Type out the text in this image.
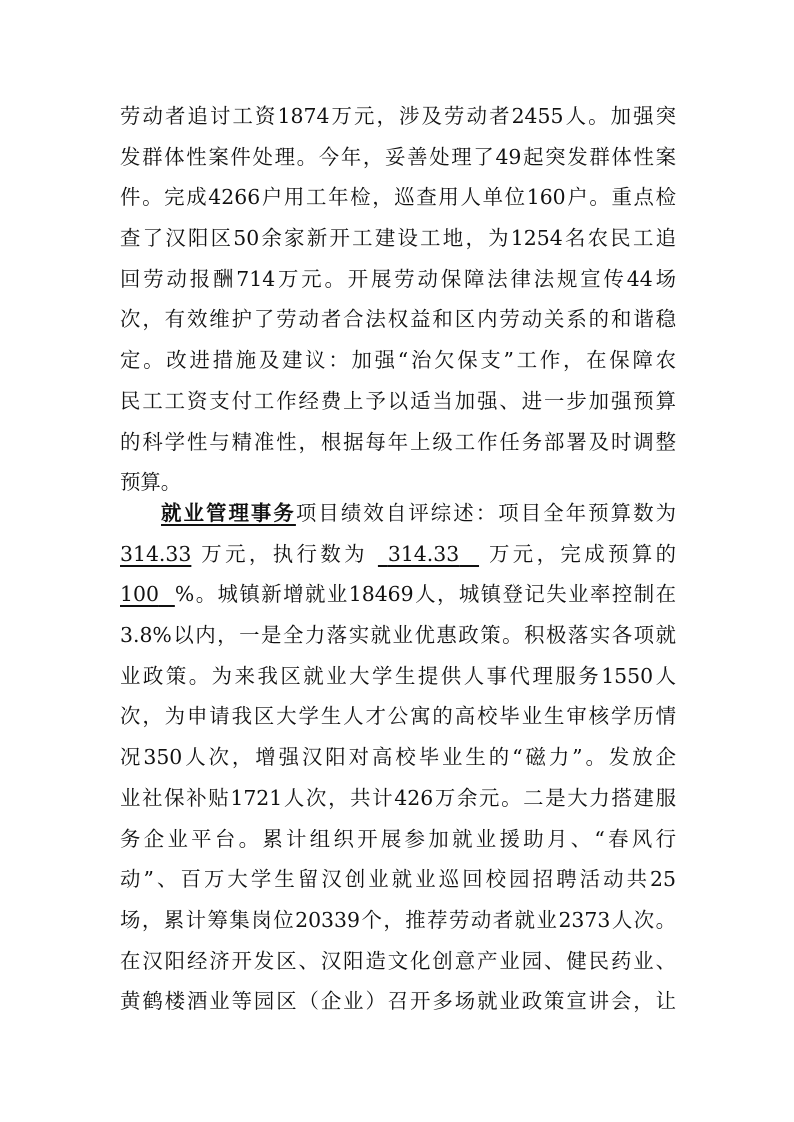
劳动者追讨工资1874万元，涉及劳动者2455人。加强突
发群体性案件处理。今年，妥善处理了49起突发群体性案
件。完成4266户用工年检，巡查用人单位160户。重点检
查了汉阳区50余家新开工建设工地，为1254名农民工追
回劳动报酬714万元。开展劳动保障法律法规宣传44场
次，有效维护了劳动者合法权益和区内劳动关系的和谐稳
定。改进措施及建议：加强“治欠保支”工作，在保障农
民工工资支付工作经费上予以适当加强、进一步加强预算
的科学性与精准性，根据每年上级工作任务部署及时调整
预算。
就业管理事务项目绩效自评综述：项目全年预算数为
314.33 万元，执行数为 314.33 万元，完成预算的
100 %。城镇新增就业18469人，城镇登记失业率控制在
3.8%以内，一是全力落实就业优惠政策。积极落实各项就
业政策。为来我区就业大学生提供人事代理服务1550人
次，为申请我区大学生人才公寓的高校毕业生审核学历情
况350人次，增强汉阳对高校毕业生的“磁力”。发放企
业社保补贴1721人次，共计426万余元。二是大力搭建服
务企业平台。累计组织开展参加就业援助月、“春风行
动”、百万大学生留汉创业就业巡回校园招聘活动共25
场，累计筹集岗位20339个，推荐劳动者就业2373人次。
在汉阳经济开发区、汉阳造文化创意产业园、健民药业、
黄鹤楼酒业等园区（企业）召开多场就业政策宣讲会，让
